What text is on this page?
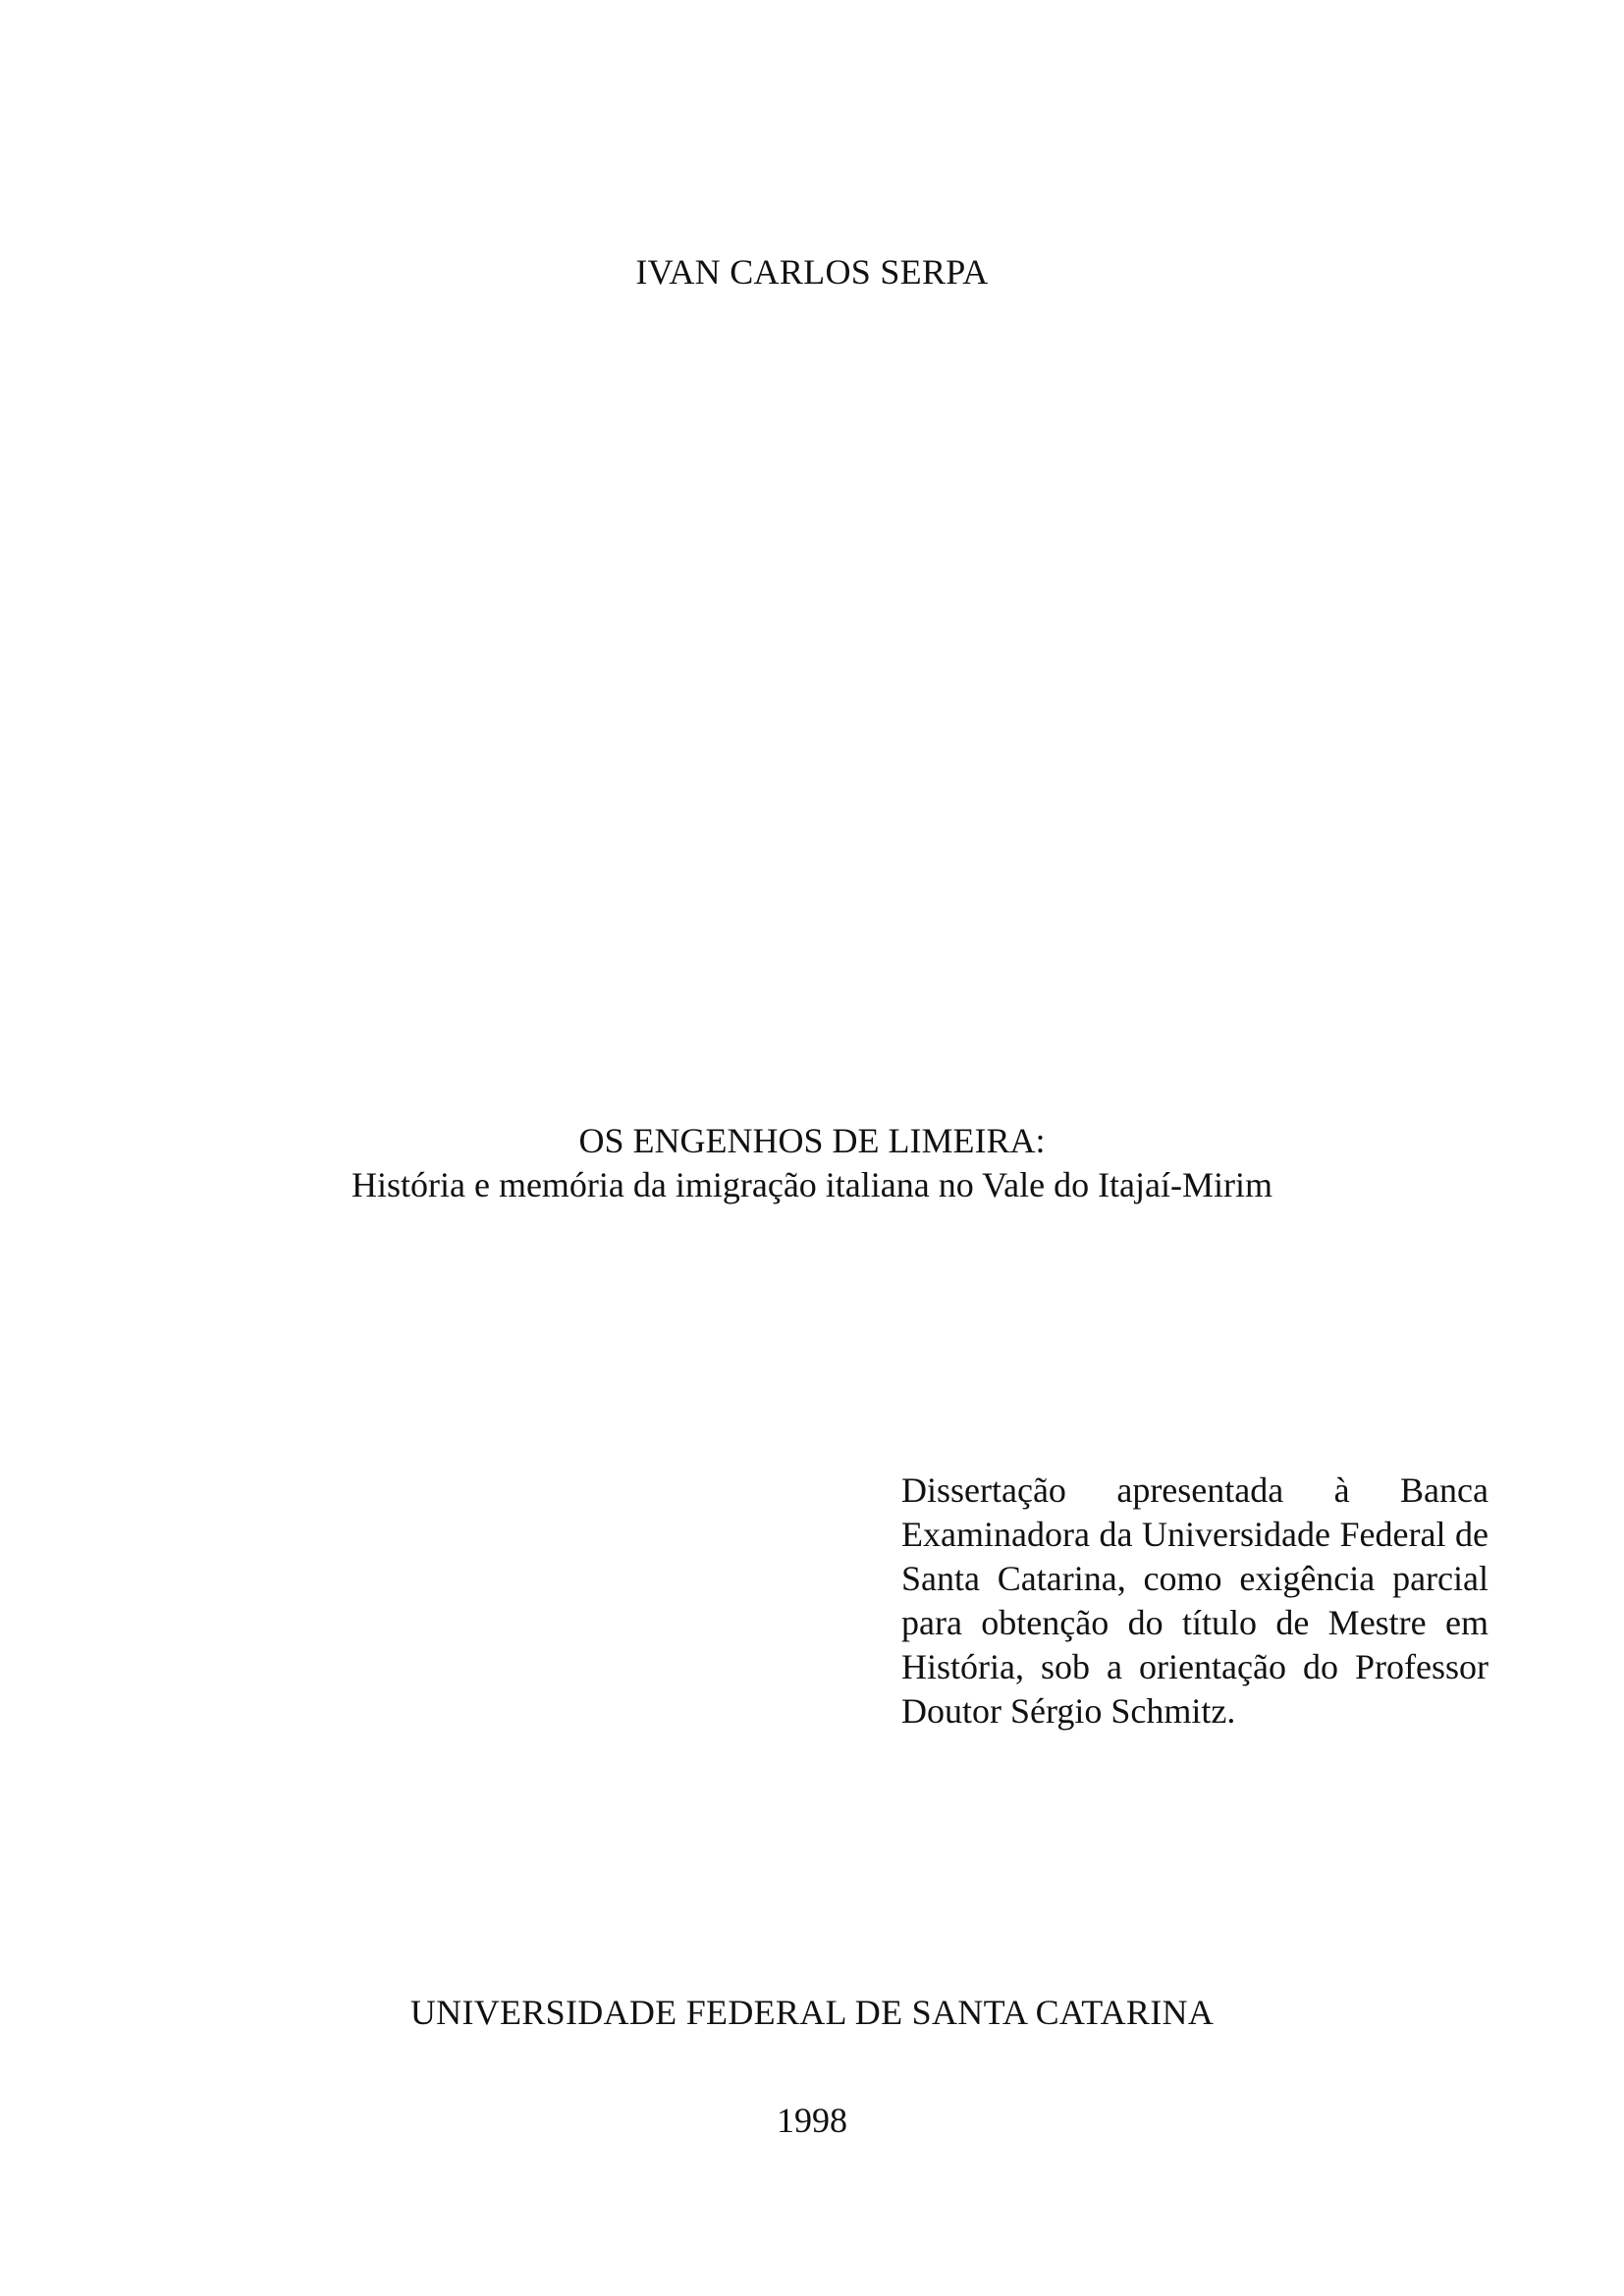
IVAN CARLOS SERPA
OS ENGENHOS DE LIMEIRA:
História e memória da imigração italiana no Vale do Itajaí-Mirim

Dissertação apresentada à Banca Examinadora da Universidade Federal de Santa Catarina, como exigência parcial para obtenção do título de Mestre em História, sob a orientação do Professor Doutor Sérgio Schmitz.

UNIVERSIDADE FEDERAL DE SANTA CATARINA
1998
